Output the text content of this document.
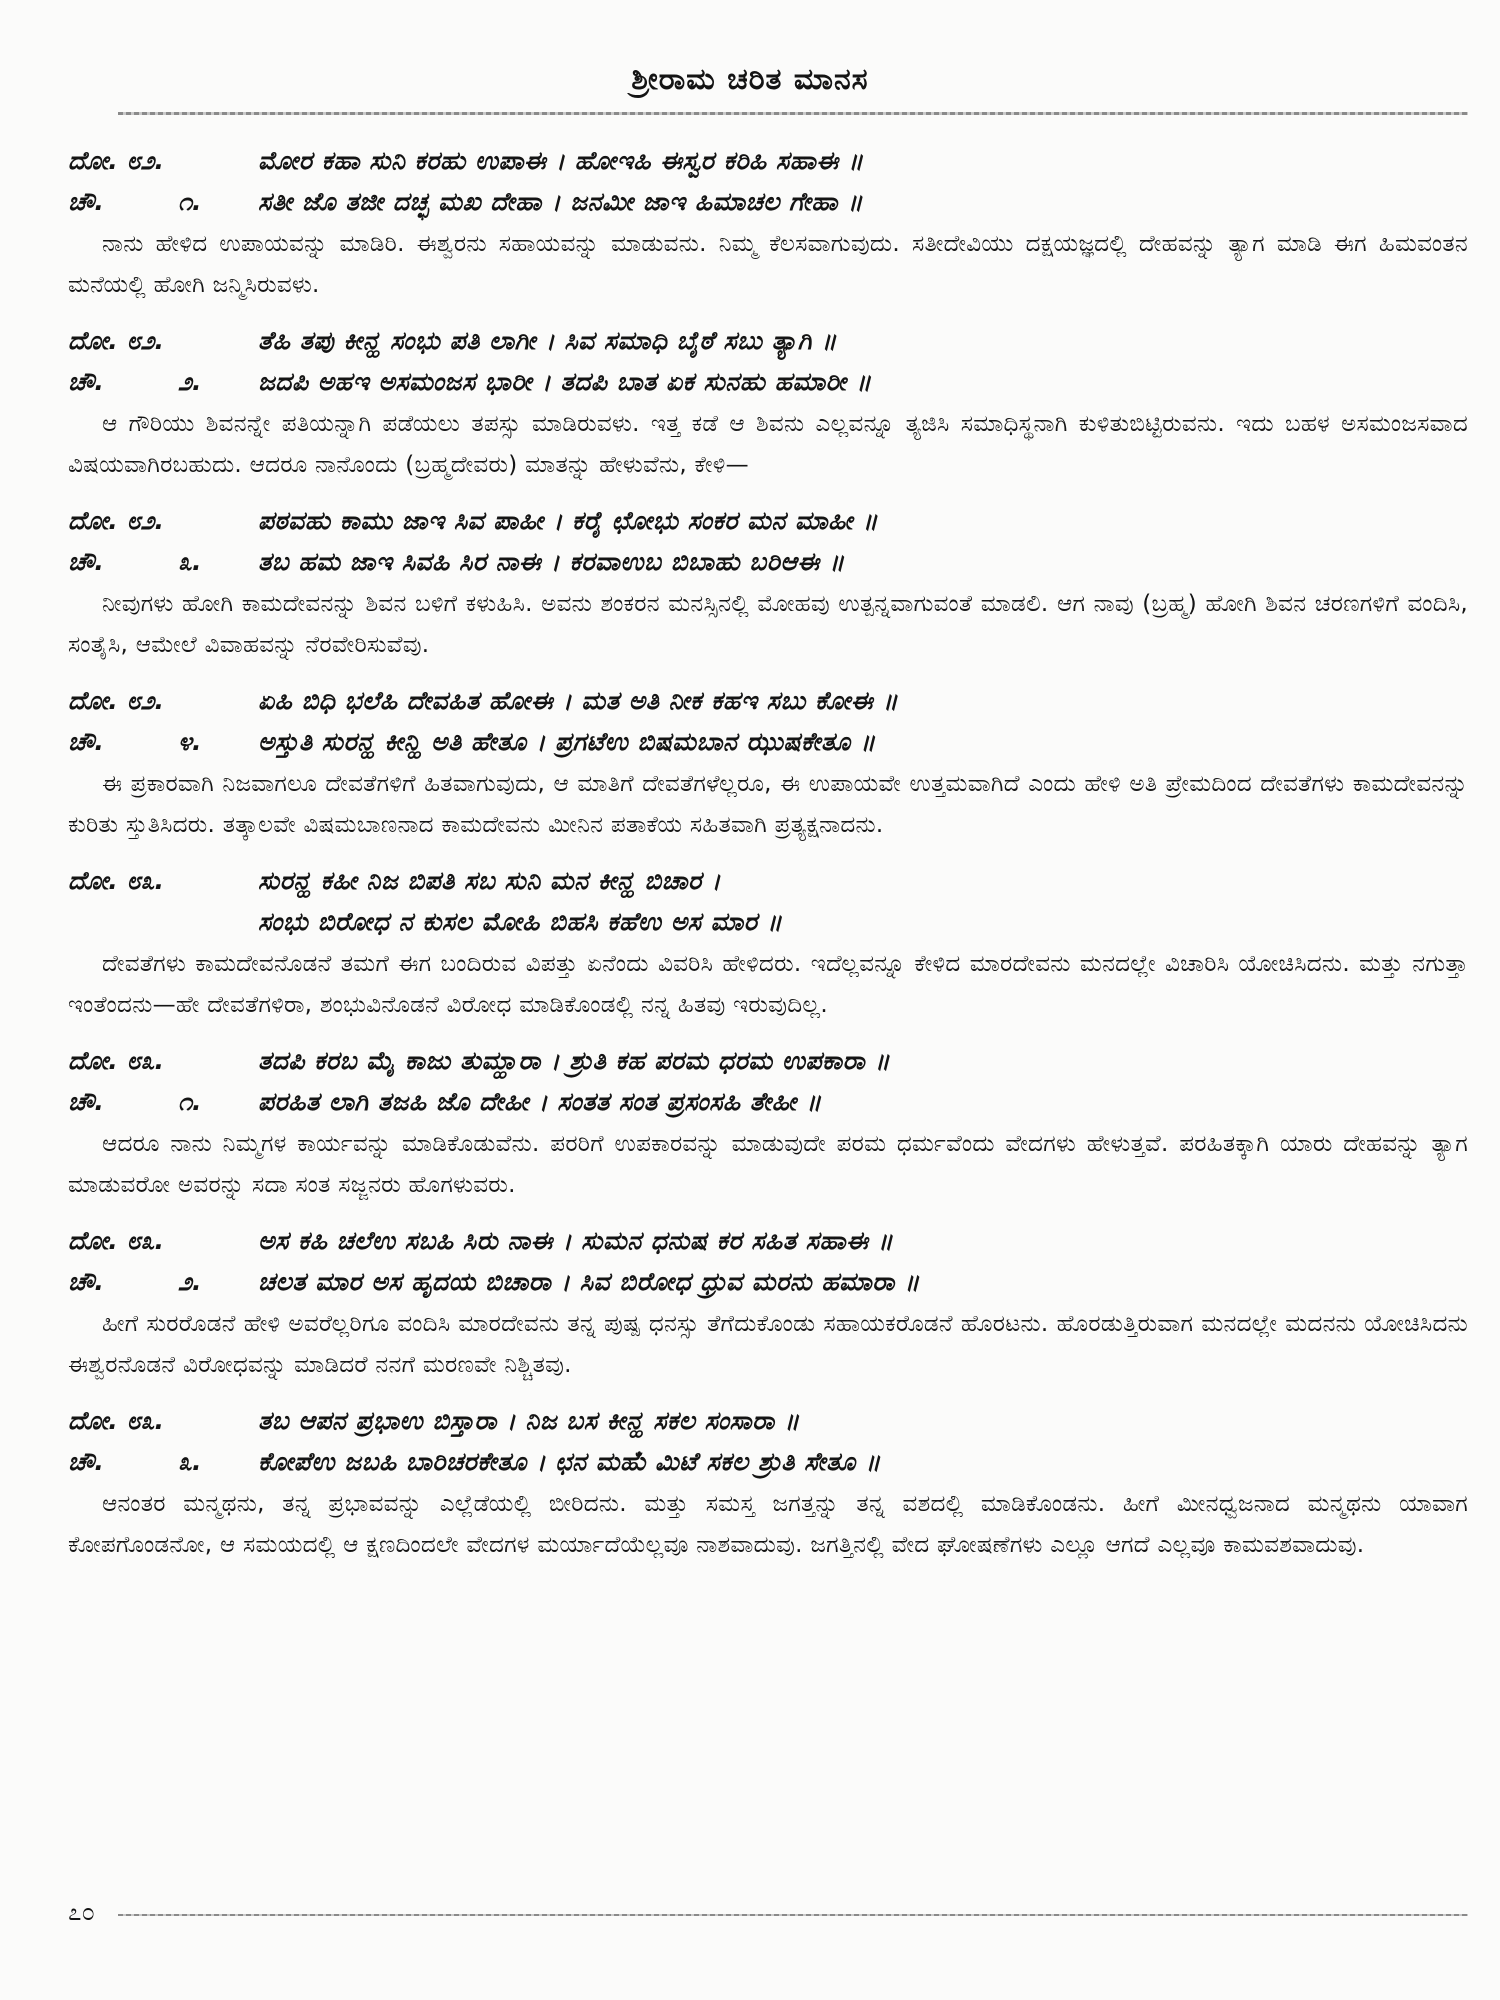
ಶ್ರೀರಾಮ ಚರಿತ ಮಾನಸ
ದೋ. ೮೨.	ಮೋರ ಕಹಾ ಸುನಿ ಕರಹು ಉಪಾಈ । ಹೋಇಹಿ ಈಸ್ವರ ಕರಿಹಿ ಸಹಾಈ ॥
ಚೌ.	೧.	ಸತೀ ಜೊ ತಜೀ ದಚ್ಛ ಮಖ ದೇಹಾ । ಜನಮೀ ಜಾಇ ಹಿಮಾಚಲ ಗೇಹಾ ॥

ನಾನು ಹೇಳಿದ ಉಪಾಯವನ್ನು ಮಾಡಿರಿ. ಈಶ್ವರನು ಸಹಾಯವನ್ನು ಮಾಡುವನು. ನಿಮ್ಮ ಕೆಲಸವಾಗುವುದು. ಸತೀದೇವಿಯು ದಕ್ಷಯಜ್ಞದಲ್ಲಿ ದೇಹವನ್ನು ತ್ಯಾಗ ಮಾಡಿ ಈಗ ಹಿಮವಂತನ ಮನೆಯಲ್ಲಿ ಹೋಗಿ ಜನ್ಮಿಸಿರುವಳು.

ದೋ. ೮೨.	ತೆಹಿ ತಪು ಕೀನ್ಹ ಸಂಭು ಪತಿ ಲಾಗೀ । ಸಿವ ಸಮಾಧಿ ಬೈಠೆ ಸಬು ತ್ಯಾಗಿ ॥
ಚೌ.	೨.	ಜದಪಿ ಅಹಇ ಅಸಮಂಜಸ ಭಾರೀ । ತದಪಿ ಬಾತ ಏಕ ಸುನಹು ಹಮಾರೀ ॥

ಆ ಗೌರಿಯು ಶಿವನನ್ನೇ ಪತಿಯನ್ನಾಗಿ ಪಡೆಯಲು ತಪಸ್ಸು ಮಾಡಿರುವಳು. ಇತ್ತ ಕಡೆ ಆ ಶಿವನು ಎಲ್ಲವನ್ನೂ ತ್ಯಜಿಸಿ ಸಮಾಧಿಸ್ಥನಾಗಿ ಕುಳಿತುಬಿಟ್ಟಿರುವನು. ಇದು ಬಹಳ ಅಸಮಂಜಸವಾದ ವಿಷಯವಾಗಿರಬಹುದು. ಆದರೂ ನಾನೊಂದು (ಬ್ರಹ್ಮದೇವರು) ಮಾತನ್ನು ಹೇಳುವೆನು, ಕೇಳಿ—

ದೋ. ೮೨.	ಪಠವಹು ಕಾಮು ಜಾಇ ಸಿವ ಪಾಹೀ । ಕರೈ ಛೋಭು ಸಂಕರ ಮನ ಮಾಹೀ ॥
ಚೌ.	೩.	ತಬ ಹಮ ಜಾಇ ಸಿವಹಿ ಸಿರ ನಾಈ । ಕರವಾಉಬ ಬಿಬಾಹು ಬರಿಆಈ ॥

ನೀವುಗಳು ಹೋಗಿ ಕಾಮದೇವನನ್ನು ಶಿವನ ಬಳಿಗೆ ಕಳುಹಿಸಿ. ಅವನು ಶಂಕರನ ಮನಸ್ಸಿನಲ್ಲಿ ಮೋಹವು ಉತ್ಪನ್ನವಾಗುವಂತೆ ಮಾಡಲಿ. ಆಗ ನಾವು (ಬ್ರಹ್ಮ) ಹೋಗಿ ಶಿವನ ಚರಣಗಳಿಗೆ ವಂದಿಸಿ, ಸಂತೈಸಿ, ಆಮೇಲೆ ವಿವಾಹವನ್ನು ನೆರವೇರಿಸುವೆವು.

ದೋ. ೮೨.	ಏಹಿ ಬಿಧಿ ಭಲೆಹಿ ದೇವಹಿತ ಹೋಈ । ಮತ ಅತಿ ನೀಕ ಕಹಇ ಸಬು ಕೋಈ ॥
ಚೌ.	೪.	ಅಸ್ತುತಿ ಸುರನ್ಹ ಕೀನ್ಹಿ ಅತಿ ಹೇತೂ । ಪ್ರಗಟೆಉ ಬಿಷಮಬಾನ ಝುಷಕೇತೂ ॥

ಈ ಪ್ರಕಾರವಾಗಿ ನಿಜವಾಗಲೂ ದೇವತೆಗಳಿಗೆ ಹಿತವಾಗುವುದು, ಆ ಮಾತಿಗೆ ದೇವತೆಗಳೆಲ್ಲರೂ, ಈ ಉಪಾಯವೇ ಉತ್ತಮವಾಗಿದೆ ಎಂದು ಹೇಳಿ ಅತಿ ಪ್ರೇಮದಿಂದ ದೇವತೆಗಳು ಕಾಮದೇವನನ್ನು ಕುರಿತು ಸ್ತುತಿಸಿದರು. ತತ್ಕಾಲವೇ ವಿಷಮಬಾಣನಾದ ಕಾಮದೇವನು ಮೀನಿನ ಪತಾಕೆಯ ಸಹಿತವಾಗಿ ಪ್ರತ್ಯಕ್ಷನಾದನು.

ದೋ. ೮೩.	ಸುರನ್ಹ ಕಹೀ ನಿಜ ಬಿಪತಿ ಸಬ ಸುನಿ ಮನ ಕೀನ್ಹ ಬಿಚಾರ ।
ಸಂಭು ಬಿರೋಧ ನ ಕುಸಲ ಮೋಹಿ ಬಿಹಸಿ ಕಹೆಉ ಅಸ ಮಾರ ॥

ದೇವತೆಗಳು ಕಾಮದೇವನೊಡನೆ ತಮಗೆ ಈಗ ಬಂದಿರುವ ವಿಪತ್ತು ಏನೆಂದು ವಿವರಿಸಿ ಹೇಳಿದರು. ಇದೆಲ್ಲವನ್ನೂ ಕೇಳಿದ ಮಾರದೇವನು ಮನದಲ್ಲೇ ವಿಚಾರಿಸಿ ಯೋಚಿಸಿದನು. ಮತ್ತು ನಗುತ್ತಾ ಇಂತೆಂದನು—ಹೇ ದೇವತೆಗಳಿರಾ, ಶಂಭುವಿನೊಡನೆ ವಿರೋಧ ಮಾಡಿಕೊಂಡಲ್ಲಿ ನನ್ನ ಹಿತವು ಇರುವುದಿಲ್ಲ.

ದೋ. ೮೩.	ತದಪಿ ಕರಬ ಮೈ ಕಾಜು ತುಮ್ಹಾರಾ । ಶ್ರುತಿ ಕಹ ಪರಮ ಧರಮ ಉಪಕಾರಾ ॥
ಚೌ.	೧.	ಪರಹಿತ ಲಾಗಿ ತಜಹಿ ಜೊ ದೇಹೀ । ಸಂತತ ಸಂತ ಪ್ರಸಂಸಹಿ ತೇಹೀ ॥

ಆದರೂ ನಾನು ನಿಮ್ಮಗಳ ಕಾರ್ಯವನ್ನು ಮಾಡಿಕೊಡುವೆನು. ಪರರಿಗೆ ಉಪಕಾರವನ್ನು ಮಾಡುವುದೇ ಪರಮ ಧರ್ಮವೆಂದು ವೇದಗಳು ಹೇಳುತ್ತವೆ. ಪರಹಿತಕ್ಕಾಗಿ ಯಾರು ದೇಹವನ್ನು ತ್ಯಾಗ ಮಾಡುವರೋ ಅವರನ್ನು ಸದಾ ಸಂತ ಸಜ್ಜನರು ಹೊಗಳುವರು.

ದೋ. ೮೩.	ಅಸ ಕಹಿ ಚಲೆಉ ಸಬಹಿ ಸಿರು ನಾಈ । ಸುಮನ ಧನುಷ ಕರ ಸಹಿತ ಸಹಾಈ ॥
ಚೌ.	೨.	ಚಲತ ಮಾರ ಅಸ ಹೃದಯ ಬಿಚಾರಾ । ಸಿವ ಬಿರೋಧ ಧ್ರುವ ಮರನು ಹಮಾರಾ ॥

ಹೀಗೆ ಸುರರೊಡನೆ ಹೇಳಿ ಅವರೆಲ್ಲರಿಗೂ ವಂದಿಸಿ ಮಾರದೇವನು ತನ್ನ ಪುಷ್ಪ ಧನಸ್ಸು ತೆಗೆದುಕೊಂಡು ಸಹಾಯಕರೊಡನೆ ಹೊರಟನು. ಹೊರಡುತ್ತಿರುವಾಗ ಮನದಲ್ಲೇ ಮದನನು ಯೋಚಿಸಿದನು ಈಶ್ವರನೊಡನೆ ವಿರೋಧವನ್ನು ಮಾಡಿದರೆ ನನಗೆ ಮರಣವೇ ನಿಶ್ಚಿತವು.

ದೋ. ೮೩.	ತಬ ಆಪನ ಪ್ರಭಾಉ ಬಿಸ್ತಾರಾ । ನಿಜ ಬಸ ಕೀನ್ಹ ಸಕಲ ಸಂಸಾರಾ ॥
ಚೌ.	೩.	ಕೋಪೆಉ ಜಬಹಿ ಬಾರಿಚರಕೇತೂ । ಛನ ಮಹುಁ ಮಿಟೆ ಸಕಲ ಶ್ರುತಿ ಸೇತೂ ॥

ಆನಂತರ ಮನ್ಮಥನು, ತನ್ನ ಪ್ರಭಾವವನ್ನು ಎಲ್ಲೆಡೆಯಲ್ಲಿ ಬೀರಿದನು. ಮತ್ತು ಸಮಸ್ತ ಜಗತ್ತನ್ನು ತನ್ನ ವಶದಲ್ಲಿ ಮಾಡಿಕೊಂಡನು. ಹೀಗೆ ಮೀನಧ್ವಜನಾದ ಮನ್ಮಥನು ಯಾವಾಗ ಕೋಪಗೊಂಡನೋ, ಆ ಸಮಯದಲ್ಲಿ ಆ ಕ್ಷಣದಿಂದಲೇ ವೇದಗಳ ಮರ್ಯಾದೆಯೆಲ್ಲವೂ ನಾಶವಾದುವು. ಜಗತ್ತಿನಲ್ಲಿ ವೇದ ಘೋಷಣೆಗಳು ಎಲ್ಲೂ ಆಗದೆ ಎಲ್ಲವೂ ಕಾಮವಶವಾದುವು.

೭೦
